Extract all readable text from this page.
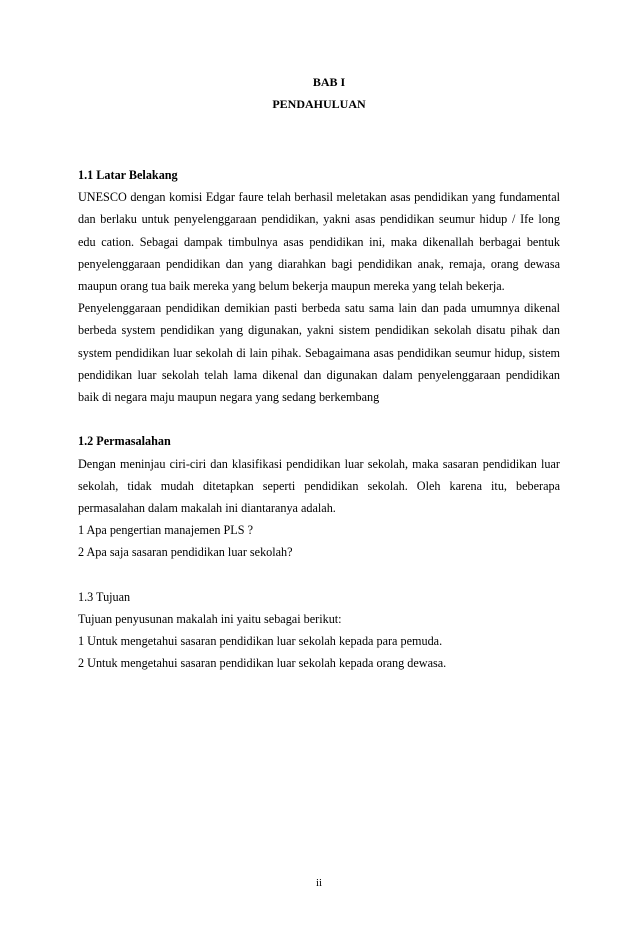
BAB I
PENDAHULUAN

1.1 Latar Belakang

UNESCO dengan komisi Edgar faure telah berhasil meletakan asas pendidikan yang fundamental dan berlaku untuk penyelenggaraan pendidikan, yakni asas pendidikan seumur hidup / Ife long edu cation. Sebagai dampak timbulnya asas pendidikan ini, maka dikenallah berbagai bentuk penyelenggaraan pendidikan dan yang diarahkan bagi pendidikan anak, remaja, orang dewasa maupun orang tua baik mereka yang belum bekerja maupun mereka yang telah bekerja.

Penyelenggaraan pendidikan demikian pasti berbeda satu sama lain dan pada umumnya dikenal berbeda system pendidikan yang digunakan, yakni sistem pendidikan sekolah disatu pihak dan system pendidikan luar sekolah di lain pihak. Sebagaimana asas pendidikan seumur hidup, sistem pendidikan luar sekolah telah lama dikenal dan digunakan dalam penyelenggaraan pendidikan baik di negara maju maupun negara yang sedang berkembang

1.2 Permasalahan

Dengan meninjau ciri-ciri dan klasifikasi pendidikan luar sekolah, maka sasaran pendidikan luar sekolah, tidak mudah ditetapkan seperti pendidikan sekolah. Oleh karena itu, beberapa permasalahan dalam makalah ini diantaranya adalah.

1 Apa pengertian manajemen PLS ?

2 Apa saja sasaran pendidikan luar sekolah?

1.3 Tujuan

Tujuan penyusunan makalah ini yaitu sebagai berikut:

1 Untuk mengetahui sasaran pendidikan luar sekolah kepada para pemuda.

2 Untuk mengetahui sasaran pendidikan luar sekolah kepada orang dewasa.

ii
